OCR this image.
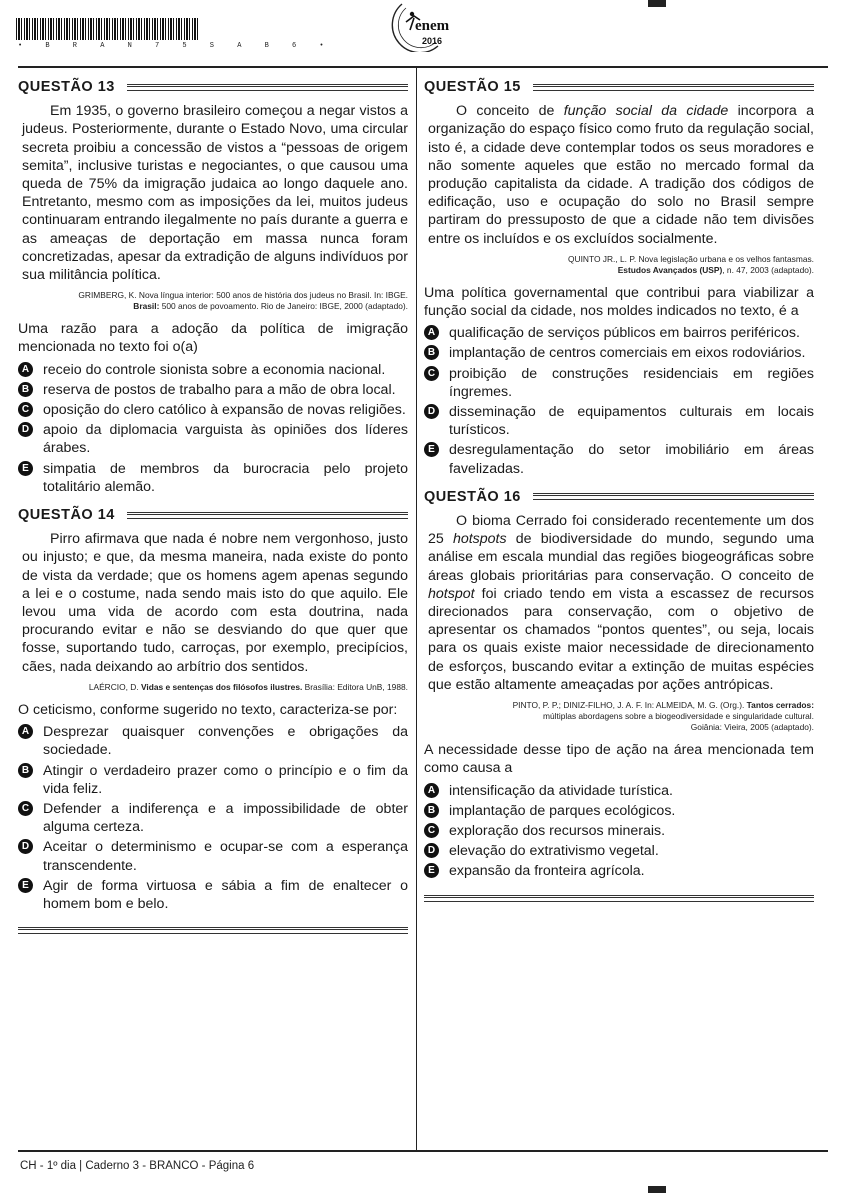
• B R A N 7 5 S A B 6 •
enem
2016
QUESTÃO 13

Em 1935, o governo brasileiro começou a negar vistos a judeus. Posteriormente, durante o Estado Novo, uma circular secreta proibiu a concessão de vistos a “pessoas de origem semita”, inclusive turistas e negociantes, o que causou uma queda de 75% da imigração judaica ao longo daquele ano. Entretanto, mesmo com as imposições da lei, muitos judeus continuaram entrando ilegalmente no país durante a guerra e as ameaças de deportação em massa nunca foram concretizadas, apesar da extradição de alguns indivíduos por sua militância política.

GRIMBERG, K. Nova língua interior: 500 anos de história dos judeus no Brasil. In: IBGE.
Brasil: 500 anos de povoamento. Rio de Janeiro: IBGE, 2000 (adaptado).

Uma razão para a adoção da política de imigração mencionada no texto foi o(a)

A receio do controle sionista sobre a economia nacional.
B reserva de postos de trabalho para a mão de obra local.
C oposição do clero católico à expansão de novas religiões.
D apoio da diplomacia varguista às opiniões dos líderes árabes.
E simpatia de membros da burocracia pelo projeto totalitário alemão.
QUESTÃO 14

Pirro afirmava que nada é nobre nem vergonhoso, justo ou injusto; e que, da mesma maneira, nada existe do ponto de vista da verdade; que os homens agem apenas segundo a lei e o costume, nada sendo mais isto do que aquilo. Ele levou uma vida de acordo com esta doutrina, nada procurando evitar e não se desviando do que quer que fosse, suportando tudo, carroças, por exemplo, precipícios, cães, nada deixando ao arbítrio dos sentidos.

LAÉRCIO, D. Vidas e sentenças dos filósofos ilustres. Brasília: Editora UnB, 1988.

O ceticismo, conforme sugerido no texto, caracteriza-se por:

A Desprezar quaisquer convenções e obrigações da sociedade.
B Atingir o verdadeiro prazer como o princípio e o fim da vida feliz.
C Defender a indiferença e a impossibilidade de obter alguma certeza.
D Aceitar o determinismo e ocupar-se com a esperança transcendente.
E Agir de forma virtuosa e sábia a fim de enaltecer o homem bom e belo.
QUESTÃO 15

O conceito de função social da cidade incorpora a organização do espaço físico como fruto da regulação social, isto é, a cidade deve contemplar todos os seus moradores e não somente aqueles que estão no mercado formal da produção capitalista da cidade. A tradição dos códigos de edificação, uso e ocupação do solo no Brasil sempre partiram do pressuposto de que a cidade não tem divisões entre os incluídos e os excluídos socialmente.

QUINTO JR., L. P. Nova legislação urbana e os velhos fantasmas.
Estudos Avançados (USP), n. 47, 2003 (adaptado).

Uma política governamental que contribui para viabilizar a função social da cidade, nos moldes indicados no texto, é a

A qualificação de serviços públicos em bairros periféricos.
B implantação de centros comerciais em eixos rodoviários.
C proibição de construções residenciais em regiões íngremes.
D disseminação de equipamentos culturais em locais turísticos.
E desregulamentação do setor imobiliário em áreas favelizadas.
QUESTÃO 16

O bioma Cerrado foi considerado recentemente um dos 25 hotspots de biodiversidade do mundo, segundo uma análise em escala mundial das regiões biogeográficas sobre áreas globais prioritárias para conservação. O conceito de hotspot foi criado tendo em vista a escassez de recursos direcionados para conservação, com o objetivo de apresentar os chamados “pontos quentes”, ou seja, locais para os quais existe maior necessidade de direcionamento de esforços, buscando evitar a extinção de muitas espécies que estão altamente ameaçadas por ações antrópicas.

PINTO, P. P.; DINIZ-FILHO, J. A. F. In: ALMEIDA, M. G. (Org.). Tantos cerrados:
múltiplas abordagens sobre a biogeodiversidade e singularidade cultural.
Goiânia: Vieira, 2005 (adaptado).

A necessidade desse tipo de ação na área mencionada tem como causa a

A intensificação da atividade turística.
B implantação de parques ecológicos.
C exploração dos recursos minerais.
D elevação do extrativismo vegetal.
E expansão da fronteira agrícola.
CH - 1º dia | Caderno 3 - BRANCO - Página 6
